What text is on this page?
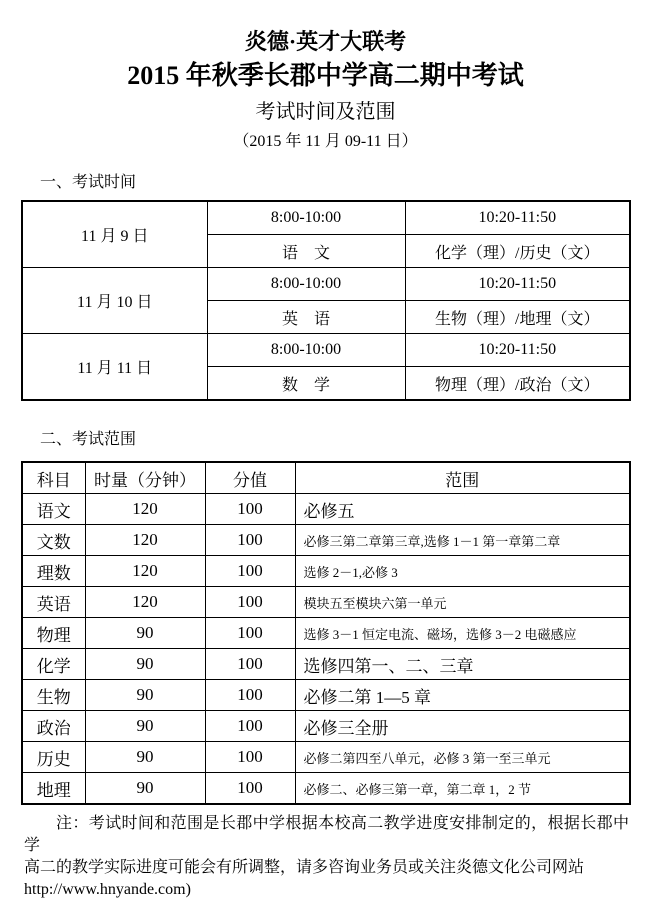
炎德·英才大联考
2015 年秋季长郡中学高二期中考试
考试时间及范围
（2015 年 11 月 09-11 日）
一、考试时间
11 月 9 日	8:00-10:00	10:20-11:50
	语　文	化学（理）/历史（文）
11 月 10 日	8:00-10:00	10:20-11:50
	英　语	生物（理）/地理（文）
11 月 11 日	8:00-10:00	10:20-11:50
	数　学	物理（理）/政治（文）
二、考试范围
科目	时量（分钟）	分值	范围
语文	120	100	必修五
文数	120	100	必修三第二章第三章,选修 1－1 第一章第二章
理数	120	100	选修 2－1,必修 3
英语	120	100	模块五至模块六第一单元
物理	90	100	选修 3－1 恒定电流、磁场，选修 3－2 电磁感应
化学	90	100	选修四第一、二、三章
生物	90	100	必修二第 1—5 章
政治	90	100	必修三全册
历史	90	100	必修二第四至八单元，必修 3 第一至三单元
地理	90	100	必修二、必修三第一章，第二章 1，2 节
注：考试时间和范围是长郡中学根据本校高二教学进度安排制定的，根据长郡中学
高二的教学实际进度可能会有所调整，请多咨询业务员或关注炎德文化公司网站
http://www.hnyande.com)
